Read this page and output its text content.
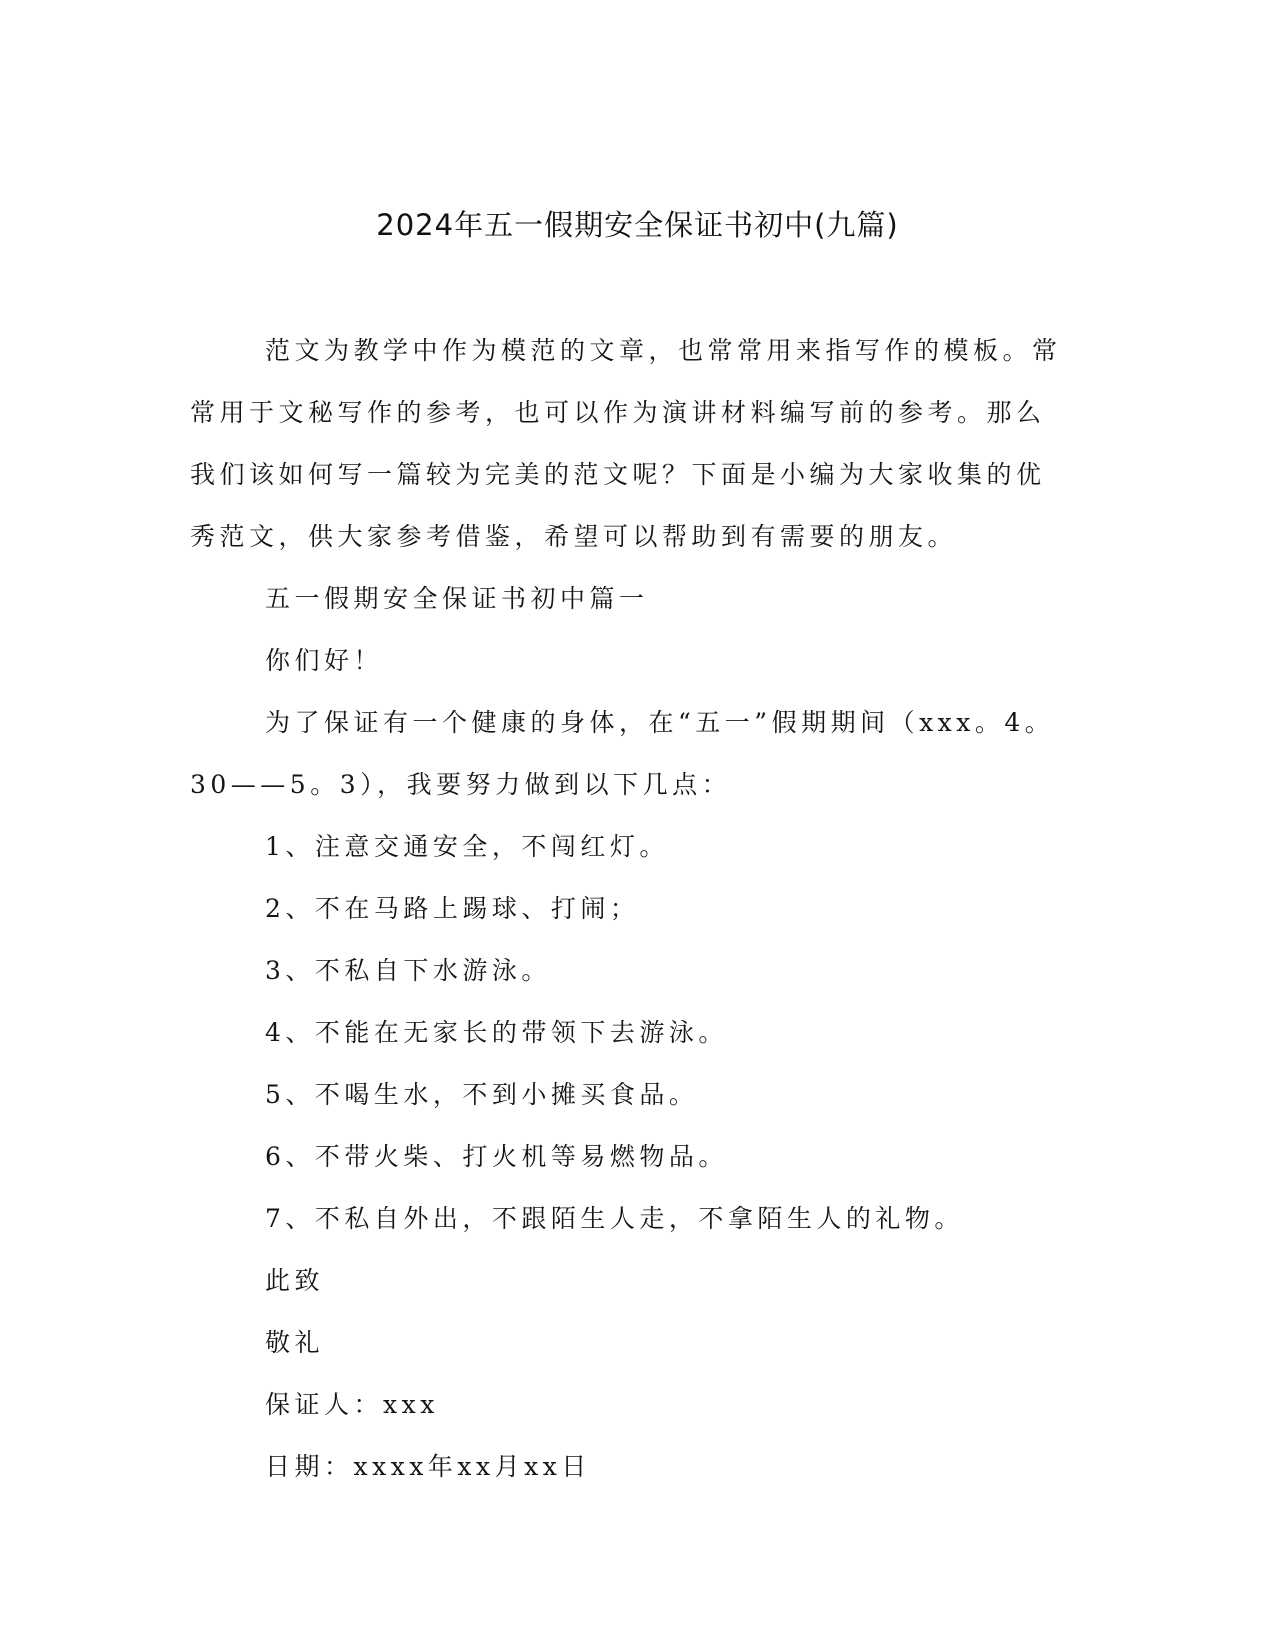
2024年五一假期安全保证书初中(九篇)

范文为教学中作为模范的文章，也常常用来指写作的模板。常常用于文秘写作的参考，也可以作为演讲材料编写前的参考。那么我们该如何写一篇较为完美的范文呢？下面是小编为大家收集的优秀范文，供大家参考借鉴，希望可以帮助到有需要的朋友。

五一假期安全保证书初中篇一
你们好！

为了保证有一个健康的身体，在“五一”假期期间（xxx。4。30——5。3），我要努力做到以下几点：

1、注意交通安全，不闯红灯。
2、不在马路上踢球、打闹；
3、不私自下水游泳。
4、不能在无家长的带领下去游泳。
5、不喝生水，不到小摊买食品。
6、不带火柴、打火机等易燃物品。
7、不私自外出，不跟陌生人走，不拿陌生人的礼物。
此致
敬礼
保证人：xxx
日期：xxxx年xx月xx日
